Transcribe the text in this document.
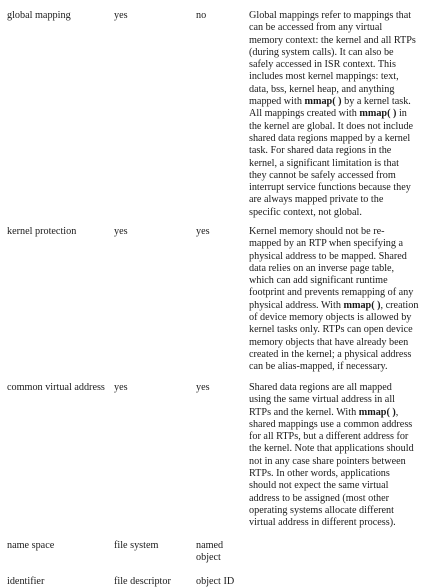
global mapping	yes	no	Global mappings refer to mappings that
can be accessed from any virtual
memory context: the kernel and all RTPs
(during system calls). It can also be
safely accessed in ISR context. This
includes most kernel mappings: text,
data, bss, kernel heap, and anything
mapped with mmap( ) by a kernel task.
All mappings created with mmap( ) in
the kernel are global. It does not include
shared data regions mapped by a kernel
task. For shared data regions in the
kernel, a significant limitation is that
they cannot be safely accessed from
interrupt service functions because they
are always mapped private to the
specific context, not global.
kernel protection	yes	yes	Kernel memory should not be re-
mapped by an RTP when specifying a
physical address to be mapped. Shared
data relies on an inverse page table,
which can add significant runtime
footprint and prevents remapping of any
physical address. With mmap( ), creation
of device memory objects is allowed by
kernel tasks only. RTPs can open device
memory objects that have already been
created in the kernel; a physical address
can be alias-mapped, if necessary.
common virtual address yes	yes	Shared data regions are all mapped
using the same virtual address in all
RTPs and the kernel. With mmap( ),
shared mappings use a common address
for all RTPs, but a different address for
the kernel. Note that applications should
not in any case share pointers between
RTPs. In other words, applications
should not expect the same virtual
address to be assigned (most other
operating systems allocate different
virtual address in different process).
name space	file system	named object
identifier	file descriptor	object ID
